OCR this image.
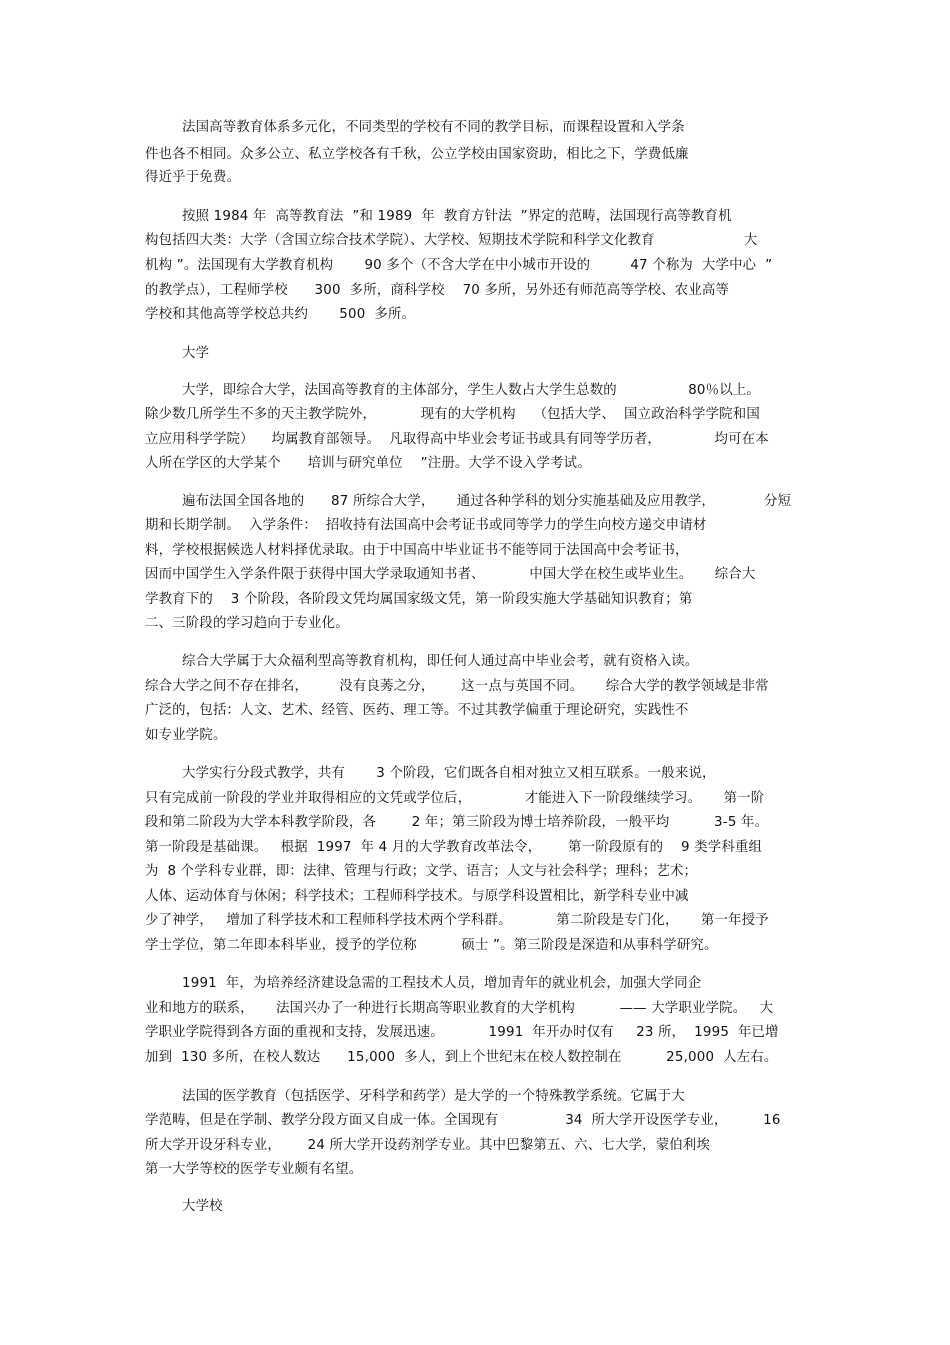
法国高等教育体系多元化，不同类型的学校有不同的教学目标，而课程设置和入学条
件也各不相同。众多公立、私立学校各有千秋，公立学校由国家资助，相比之下，学费低廉
得近乎于免费。
按照 1984 年  高等教育法  ”和 1989  年  教育方针法  ”界定的范畴，法国现行高等教育机
构包括四大类：大学（含国立综合技术学院）、大学校、短期技术学院和科学文化教育                    大
机构 ”。法国现有大学教育机构       90 多个（不含大学在中小城市开设的         47 个称为  大学中心  ”
的教学点），工程师学校      300  多所，商科学校    70 多所，另外还有师范高等学校、农业高等
学校和其他高等学校总共约       500  多所。
大学
大学，即综合大学，法国高等教育的主体部分，学生人数占大学生总数的                80％以上。
除少数几所学生不多的天主教学院外，          现有的大学机构    （包括大学、  国立政治科学学院和国
立应用科学学院）    均属教育部领导。  凡取得高中毕业会考证书或具有同等学历者，            均可在本
人所在学区的大学某个      培训与研究单位    ”注册。大学不设入学考试。
遍布法国全国各地的      87 所综合大学，     通过各种学科的划分实施基础及应用教学，           分短
期和长期学制。  入学条件：  招收持有法国高中会考证书或同等学力的学生向校方递交申请材
料，学校根据候选人材料择优录取。由于中国高中毕业证书不能等同于法国高中会考证书，
因而中国学生入学条件限于获得中国大学录取通知书者、          中国大学在校生或毕业生。     综合大
学教育下的    3 个阶段，各阶段文凭均属国家级文凭，第一阶段实施大学基础知识教育；第
二、三阶段的学习趋向于专业化。
综合大学属于大众福利型高等教育机构，即任何人通过高中毕业会考，就有资格入读。
综合大学之间不存在排名，       没有良莠之分，      这一点与英国不同。     综合大学的教学领域是非常
广泛的，包括：人文、艺术、经管、医药、理工等。不过其教学偏重于理论研究，实践性不
如专业学院。
大学实行分段式教学，共有       3 个阶段，它们既各自相对独立又相互联系。一般来说，
只有完成前一阶段的学业并取得相应的文凭或学位后，            才能进入下一阶段继续学习。     第一阶
段和第二阶段为大学本科教学阶段，各        2 年；第三阶段为博士培养阶段，一般平均          3-5 年。
第一阶段是基础课。   根据  1997  年 4 月的大学教育改革法令，      第一阶段原有的    9 类学科重组
为  8 个学科专业群，即：法律、管理与行政；文学、语言；人文与社会科学；理科；艺术；
人体、运动体育与休闲；科学技术；工程师科学技术。与原学科设置相比，新学科专业中减
少了神学，   增加了科学技术和工程师科学技术两个学科群。          第二阶段是专门化，     第一年授予
学士学位，第二年即本科毕业，授予的学位称          硕士 ”。第三阶段是深造和从事科学研究。
1991  年，为培养经济建设急需的工程技术人员，增加青年的就业机会，加强大学同企
业和地方的联系，     法国兴办了一种进行长期高等职业教育的大学机构          —— 大学职业学院。   大
学职业学院得到各方面的重视和支持，发展迅速。          1991  年开办时仅有     23 所，  1995  年已增
加到  130 多所，在校人数达      15,000  多人，到上个世纪末在校人数控制在          25,000  人左右。
法国的医学教育（包括医学、牙科学和药学）是大学的一个特殊教学系统。它属于大
学范畴，但是在学制、教学分段方面又自成一体。全国现有               34  所大学开设医学专业，        16
所大学开设牙科专业，      24 所大学开设药剂学专业。其中巴黎第五、六、七大学，蒙伯利埃
第一大学等校的医学专业颇有名望。
大学校
